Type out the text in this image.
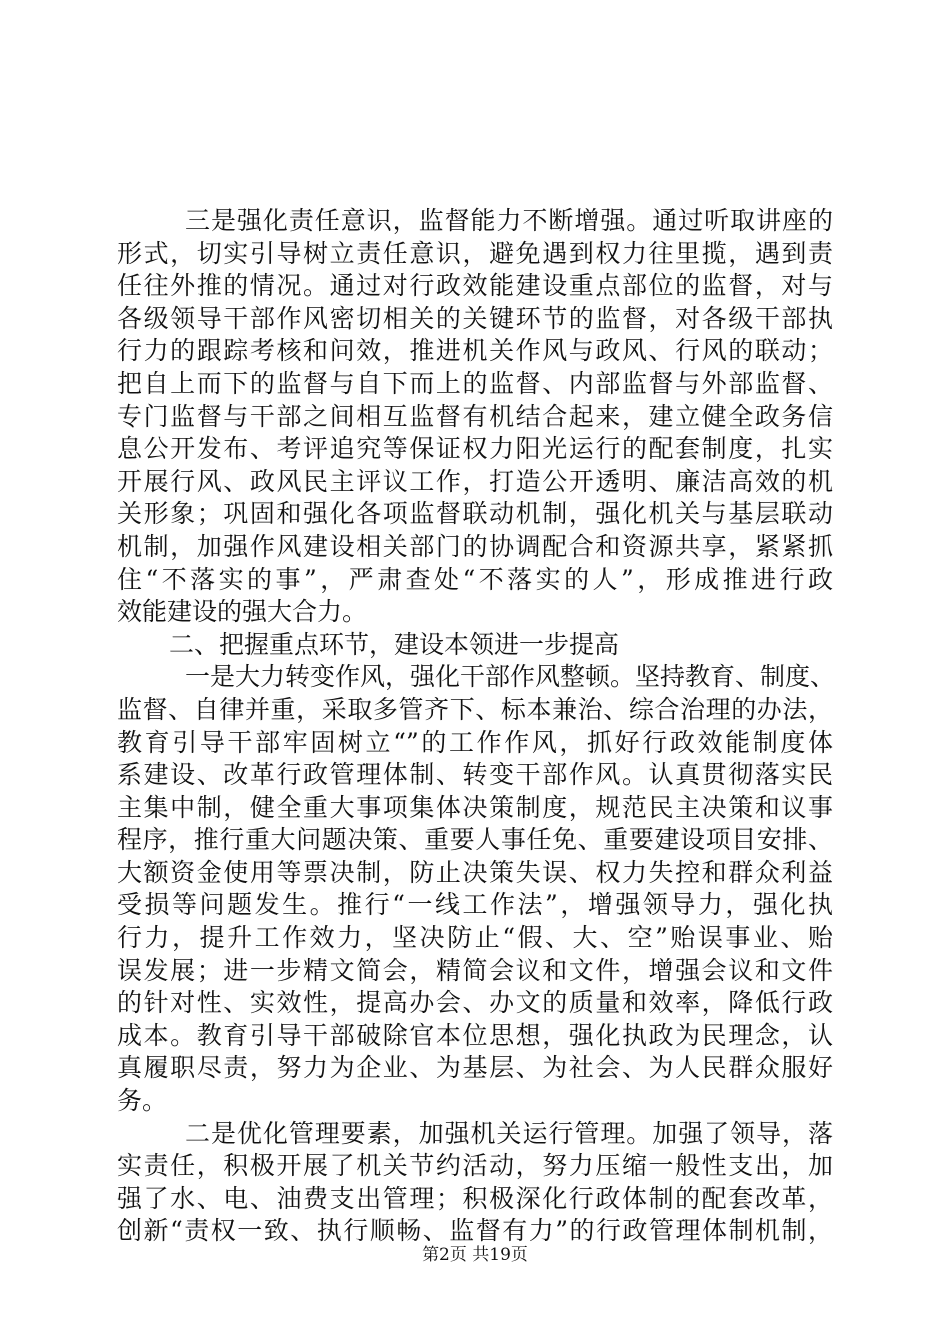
三是强化责任意识，监督能力不断增强。通过听取讲座的
形式，切实引导树立责任意识，避免遇到权力往里揽，遇到责
任往外推的情况。通过对行政效能建设重点部位的监督，对与
各级领导干部作风密切相关的关键环节的监督，对各级干部执
行力的跟踪考核和问效，推进机关作风与政风、行风的联动；
把自上而下的监督与自下而上的监督、内部监督与外部监督、
专门监督与干部之间相互监督有机结合起来，建立健全政务信
息公开发布、考评追究等保证权力阳光运行的配套制度，扎实
开展行风、政风民主评议工作，打造公开透明、廉洁高效的机
关形象；巩固和强化各项监督联动机制，强化机关与基层联动
机制，加强作风建设相关部门的协调配合和资源共享，紧紧抓
住“不落实的事”，严肃查处“不落实的人”，形成推进行政
效能建设的强大合力。
二、把握重点环节，建设本领进一步提高
一是大力转变作风，强化干部作风整顿。坚持教育、制度、
监督、自律并重，采取多管齐下、标本兼治、综合治理的办法，
教育引导干部牢固树立“”的工作作风，抓好行政效能制度体
系建设、改革行政管理体制、转变干部作风。认真贯彻落实民
主集中制，健全重大事项集体决策制度，规范民主决策和议事
程序，推行重大问题决策、重要人事任免、重要建设项目安排、
大额资金使用等票决制，防止决策失误、权力失控和群众利益
受损等问题发生。推行“一线工作法”，增强领导力，强化执
行力，提升工作效力，坚决防止“假、大、空”贻误事业、贻
误发展；进一步精文简会，精简会议和文件，增强会议和文件
的针对性、实效性，提高办会、办文的质量和效率，降低行政
成本。教育引导干部破除官本位思想，强化执政为民理念，认
真履职尽责，努力为企业、为基层、为社会、为人民群众服好
务。
二是优化管理要素，加强机关运行管理。加强了领导，落
实责任，积极开展了机关节约活动，努力压缩一般性支出，加
强了水、电、油费支出管理；积极深化行政体制的配套改革，
创新“责权一致、执行顺畅、监督有力”的行政管理体制机制，
第2页 共19页
